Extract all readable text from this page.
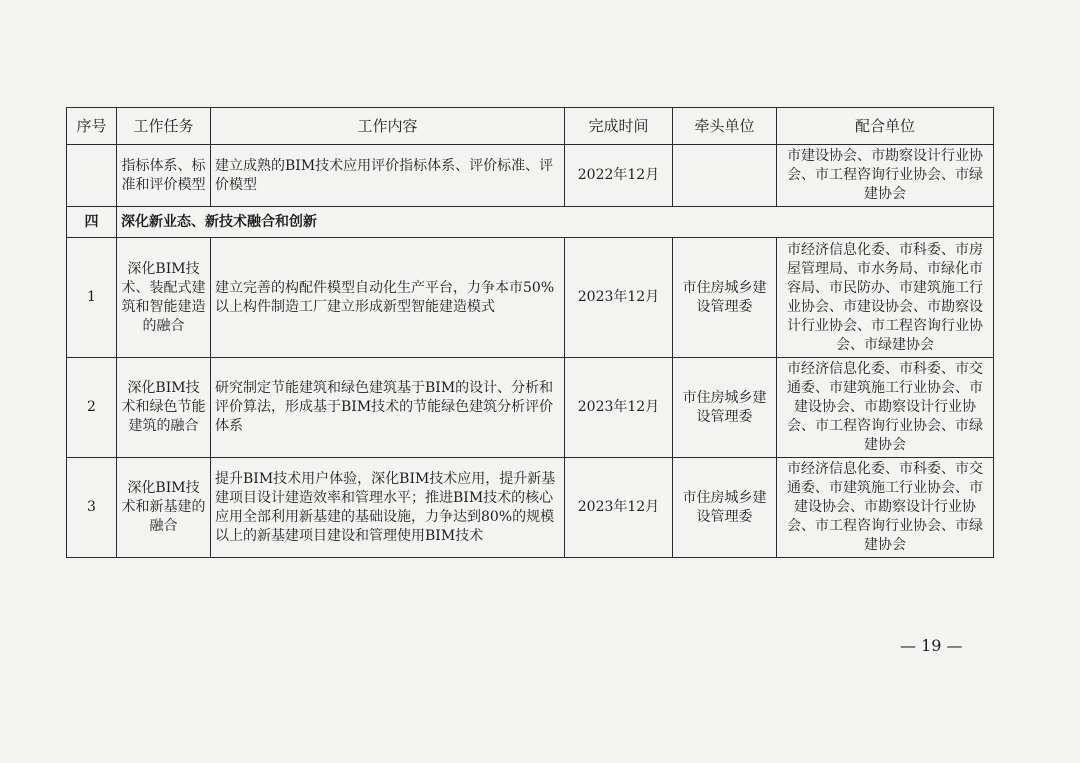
序号	工作任务	工作内容	完成时间	牵头单位	配合单位
	指标体系、标准和评价模型	建立成熟的BIM技术应用评价指标体系、评价标准、评价模型	2022年12月		市建设协会、市勘察设计行业协会、市工程咨询行业协会、市绿建协会
四	深化新业态、新技术融合和创新				
1	深化BIM技术、装配式建筑和智能建造的融合	建立完善的构配件模型自动化生产平台，力争本市50%以上构件制造工厂建立形成新型智能建造模式	2023年12月	市住房城乡建设管理委	市经济信息化委、市科委、市房屋管理局、市水务局、市绿化市容局、市民防办、市建筑施工行业协会、市建设协会、市勘察设计行业协会、市工程咨询行业协会、市绿建协会
2	深化BIM技术和绿色节能建筑的融合	研究制定节能建筑和绿色建筑基于BIM的设计、分析和评价算法，形成基于BIM技术的节能绿色建筑分析评价体系	2023年12月	市住房城乡建设管理委	市经济信息化委、市科委、市交通委、市建筑施工行业协会、市建设协会、市勘察设计行业协会、市工程咨询行业协会、市绿建协会
3	深化BIM技术和新基建的融合	提升BIM技术用户体验，深化BIM技术应用，提升新基建项目设计建造效率和管理水平；推进BIM技术的核心应用全部利用新基建的基础设施，力争达到80%的规模以上的新基建项目建设和管理使用BIM技术	2023年12月	市住房城乡建设管理委	市经济信息化委、市科委、市交通委、市建筑施工行业协会、市建设协会、市勘察设计行业协会、市工程咨询行业协会、市绿建协会
— 19 —
